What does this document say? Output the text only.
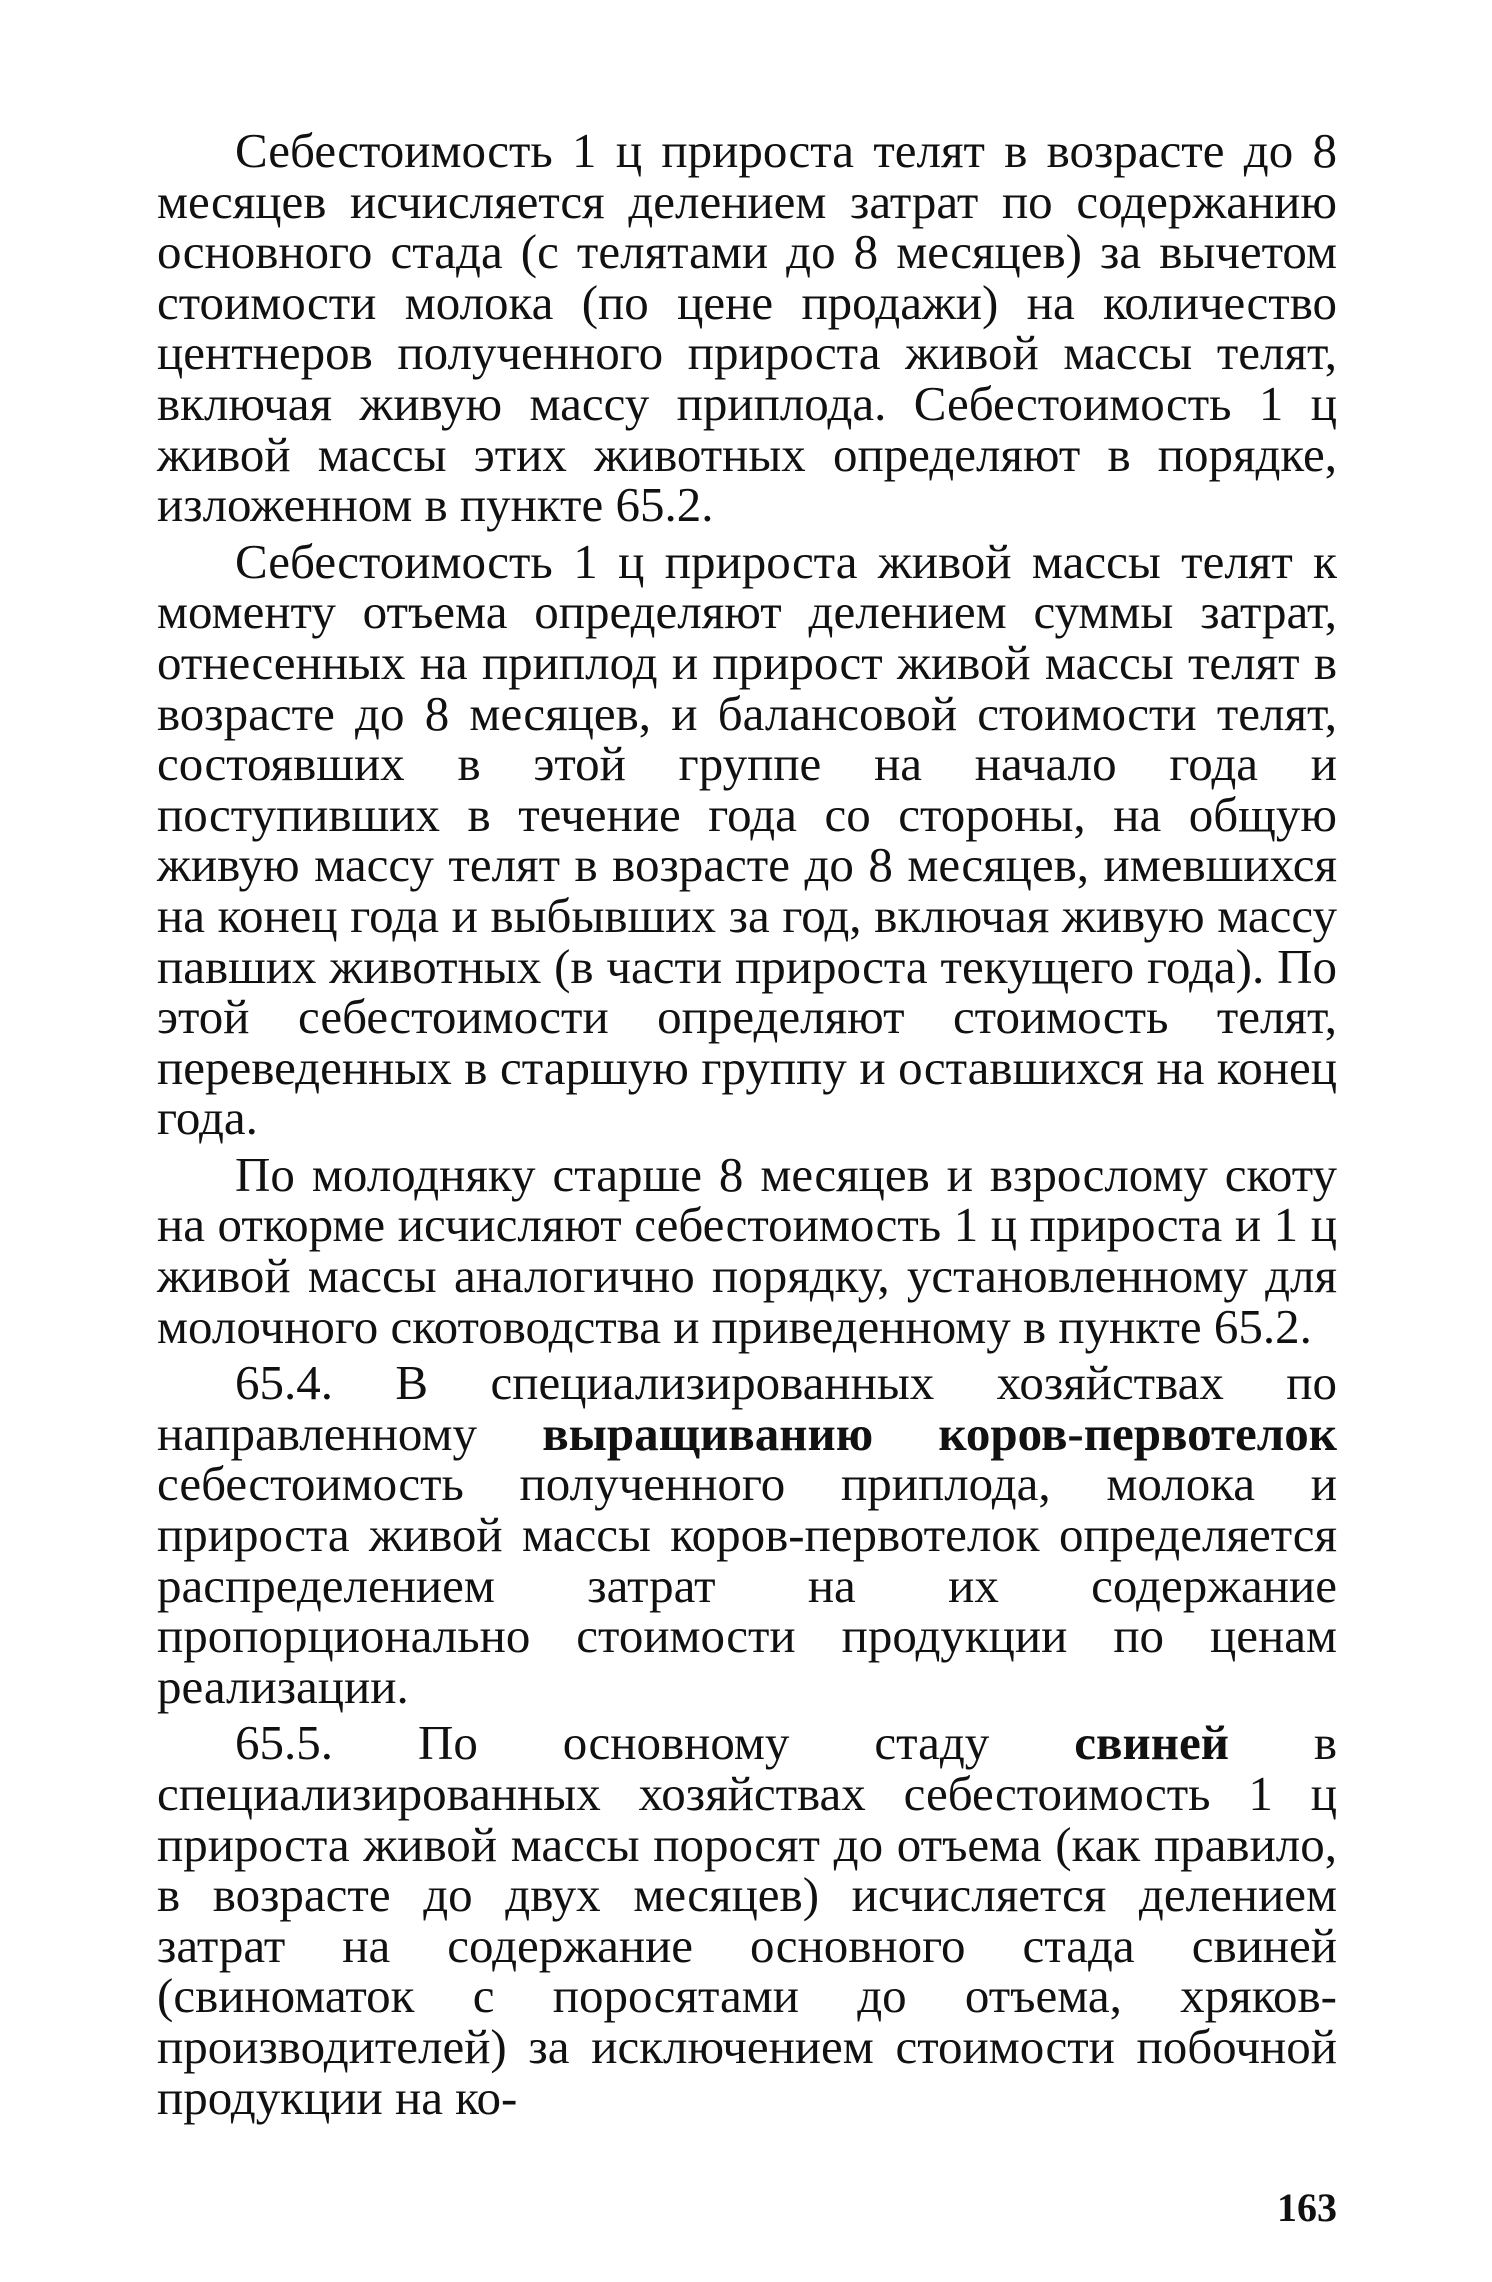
Себестоимость 1 ц прироста телят в возрасте до 8 месяцев исчисляется делением затрат по содержанию основного стада (с телятами до 8 месяцев) за вычетом стоимости молока (по цене продажи) на количество центнеров полученного прироста живой массы телят, включая живую массу приплода. Себестоимость 1 ц живой массы этих животных определяют в порядке, изложенном в пункте 65.2.

Себестоимость 1 ц прироста живой массы телят к моменту отъема определяют делением суммы затрат, отнесенных на приплод и прирост живой массы телят в возрасте до 8 месяцев, и балансовой стоимости телят, состоявших в этой группе на начало года и поступивших в течение года со стороны, на общую живую массу телят в возрасте до 8 месяцев, имевшихся на конец года и выбывших за год, включая живую массу павших животных (в части прироста текущего года). По этой себестоимости определяют стоимость телят, переведенных в старшую группу и оставшихся на конец года.

По молодняку старше 8 месяцев и взрослому скоту на откорме исчисляют себестоимость 1 ц прироста и 1 ц живой массы аналогично порядку, установленному для молочного скотоводства и приведенному в пункте 65.2.

65.4. В специализированных хозяйствах по направленному выращиванию коров-первотелок себестоимость полученного приплода, молока и прироста живой массы коров-первотелок определяется распределением затрат на их содержание пропорционально стоимости продукции по ценам реализации.

65.5. По основному стаду свиней в специализированных хозяйствах себестоимость 1 ц прироста живой массы поросят до отъема (как правило, в возрасте до двух месяцев) исчисляется делением затрат на содержание основного стада свиней (свиноматок с поросятами до отъема, хряков-производителей) за исключением стоимости побочной продукции на ко-

163
